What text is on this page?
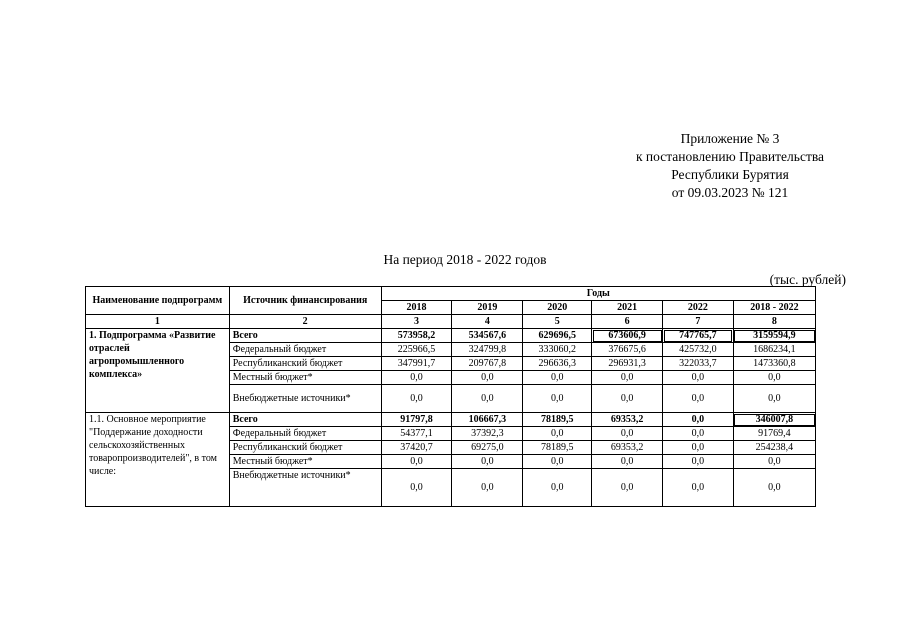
Приложение № 3
к постановлению Правительства
Республики Бурятия
от 09.03.2023 № 121
На период 2018 - 2022 годов
(тыс. рублей)
Наименование подпрограмм	Источник финансирования	Годы					
		2018	2019	2020	2021	2022	2018 - 2022
1	2	3	4	5	6	7	8
1. Подпрограмма «Развитие отраслей агропромышленного комплекса»	Всего	573958,2	534567,6	629696,5	673606,9	747765,7	3159594,9
	Федеральный бюджет	225966,5	324799,8	333060,2	376675,6	425732,0	1686234,1
	Республиканский бюджет	347991,7	209767,8	296636,3	296931,3	322033,7	1473360,8
	Местный бюджет*	0,0	0,0	0,0	0,0	0,0	0,0
	Внебюджетные источники*	0,0	0,0	0,0	0,0	0,0	0,0
1.1. Основное мероприятие "Поддержание доходности сельскохозяйственных товаропроизводителей", в том числе:	Всего	91797,8	106667,3	78189,5	69353,2	0,0	346007,8
	Федеральный бюджет	54377,1	37392,3	0,0	0,0	0,0	91769,4
	Республиканский бюджет	37420,7	69275,0	78189,5	69353,2	0,0	254238,4
	Местный бюджет*	0,0	0,0	0,0	0,0	0,0	0,0
	Внебюджетные источники*	0,0	0,0	0,0	0,0	0,0	0,0
